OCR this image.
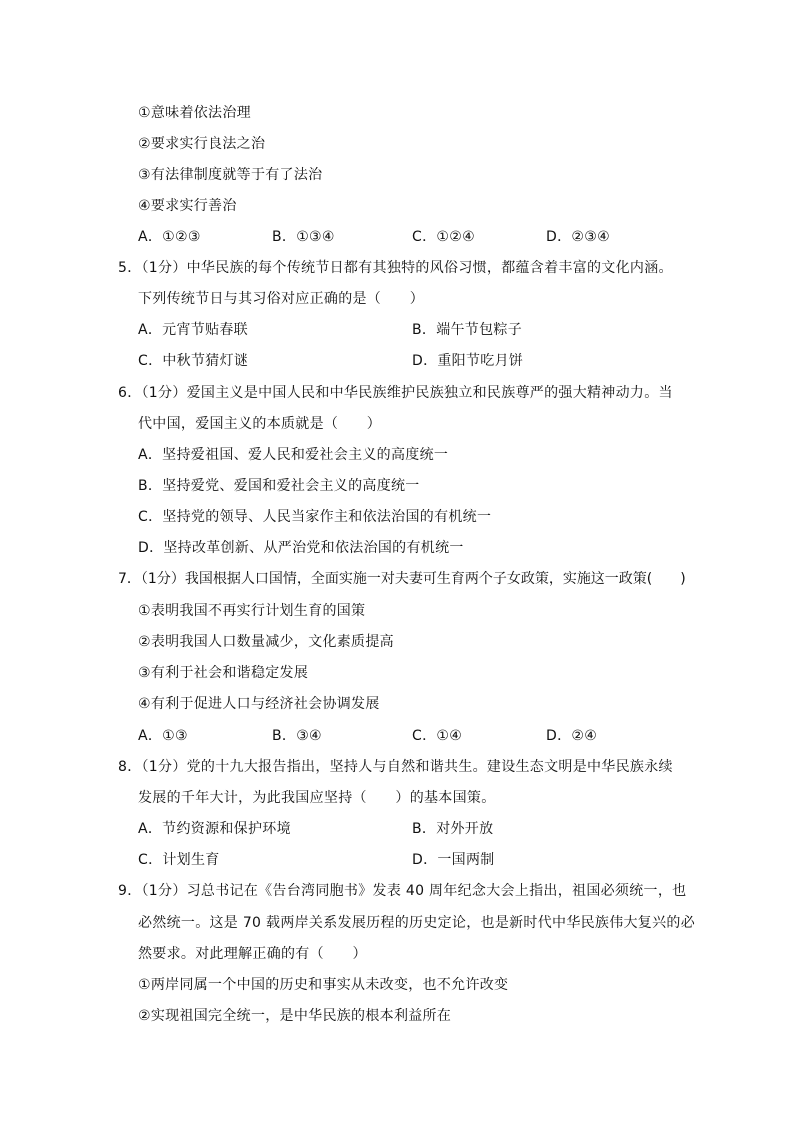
①意味着依法治理
②要求实行良法之治
③有法律制度就等于有了法治
④要求实行善治
A．①②③	B．①③④	C．①②④	D．②③④
5．（1分）中华民族的每个传统节日都有其独特的风俗习惯，都蕴含着丰富的文化内涵。
下列传统节日与其习俗对应正确的是（　　）
A．元宵节贴春联	B．端午节包粽子
C．中秋节猜灯谜	D．重阳节吃月饼
6．（1分）爱国主义是中国人民和中华民族维护民族独立和民族尊严的强大精神动力。当
代中国，爱国主义的本质就是（　　）
A．坚持爱祖国、爱人民和爱社会主义的高度统一
B．坚持爱党、爱国和爱社会主义的高度统一
C．坚持党的领导、人民当家作主和依法治国的有机统一
D．坚持改革创新、从严治党和依法治国的有机统一
7．（1分）我国根据人口国情，全面实施一对夫妻可生育两个子女政策，实施这一政策(　　)
①表明我国不再实行计划生育的国策
②表明我国人口数量减少，文化素质提高
③有利于社会和谐稳定发展
④有利于促进人口与经济社会协调发展
A．①③	B．③④	C．①④	D．②④
8．（1分）党的十九大报告指出，坚持人与自然和谐共生。建设生态文明是中华民族永续
发展的千年大计，为此我国应坚持（　　）的基本国策。
A．节约资源和保护环境	B．对外开放
C．计划生育	D．一国两制
9．（1分）习总书记在《告台湾同胞书》发表 40 周年纪念大会上指出，祖国必须统一，也
必然统一。这是 70 载两岸关系发展历程的历史定论，也是新时代中华民族伟大复兴的必
然要求。对此理解正确的有（　　）
①两岸同属一个中国的历史和事实从未改变，也不允许改变
②实现祖国完全统一，是中华民族的根本利益所在
